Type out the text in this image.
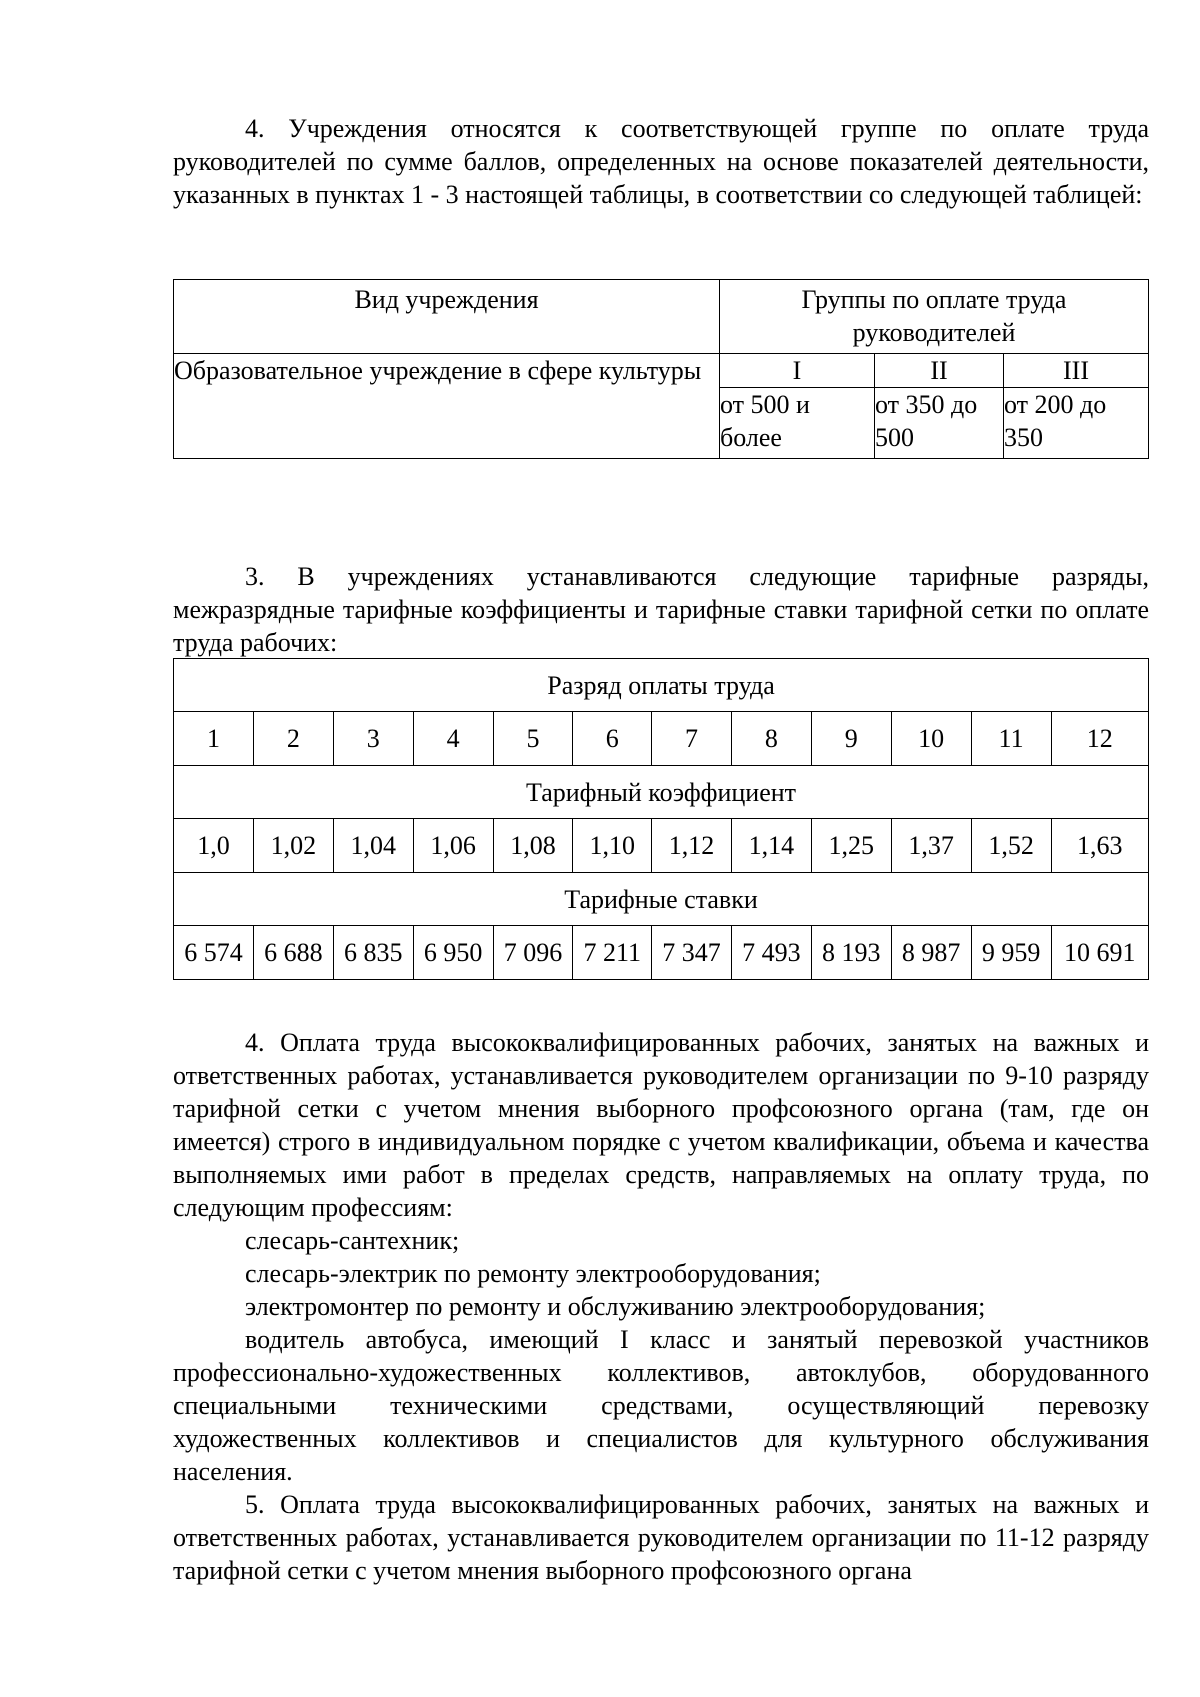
4. Учреждения относятся к соответствующей группе по оплате труда руководителей по сумме баллов, определенных на основе показателей деятельности, указанных в пунктах 1 - 3 настоящей таблицы, в соответствии со следующей таблицей:

Вид учреждения	Группы по оплате труда руководителей		
Образовательное учреждение в сфере культуры	I	II	III
	от 500 и более	от 350 до 500	от 200 до 350

3. В учреждениях устанавливаются следующие тарифные разряды, межразрядные тарифные коэффициенты и тарифные ставки тарифной сетки по оплате труда рабочих:

Разряд оплаты труда											
1	2	3	4	5	6	7	8	9	10	11	12
Тарифный коэффициент											
1,0	1,02	1,04	1,06	1,08	1,10	1,12	1,14	1,25	1,37	1,52	1,63
Тарифные ставки											
6 574	6 688	6 835	6 950	7 096	7 211	7 347	7 493	8 193	8 987	9 959	10 691

4. Оплата труда высококвалифицированных рабочих, занятых на важных и ответственных работах, устанавливается руководителем организации по 9-10 разряду тарифной сетки с учетом мнения выборного профсоюзного органа (там, где он имеется) строго в индивидуальном порядке с учетом квалификации, объема и качества выполняемых ими работ в пределах средств, направляемых на оплату труда, по следующим профессиям:

слесарь-сантехник;

слесарь-электрик по ремонту электрооборудования;

электромонтер по ремонту и обслуживанию электрооборудования;

водитель автобуса, имеющий I класс и занятый перевозкой участников профессионально-художественных коллективов, автоклубов, оборудованного специальными техническими средствами, осуществляющий перевозку художественных коллективов и специалистов для культурного обслуживания населения.

5. Оплата труда высококвалифицированных рабочих, занятых на важных и ответственных работах, устанавливается руководителем организации по 11-12 разряду тарифной сетки с учетом мнения выборного профсоюзного органа
